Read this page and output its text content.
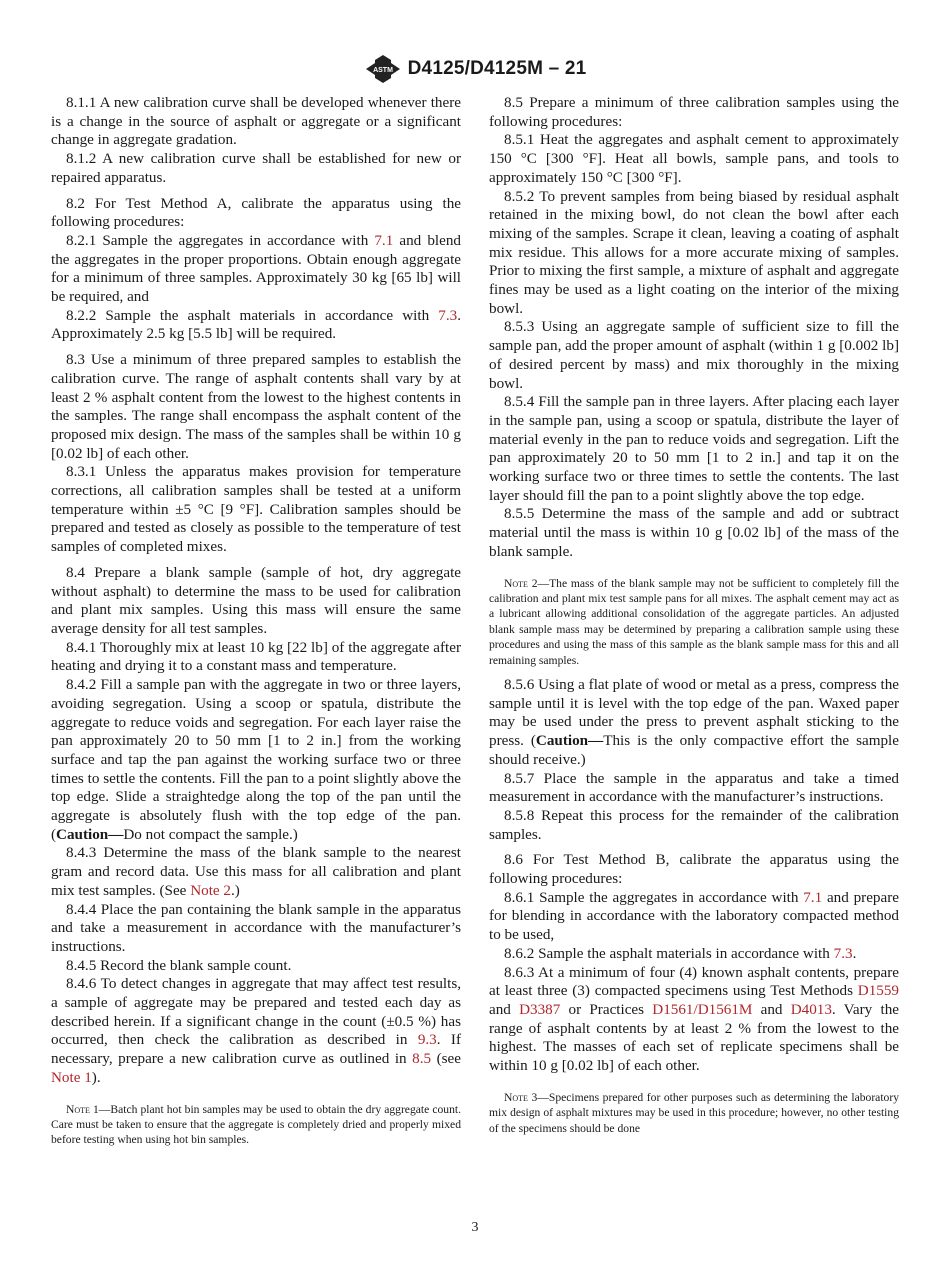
ASTM D4125/D4125M – 21

8.1.1 A new calibration curve shall be developed whenever there is a change in the source of asphalt or aggregate or a significant change in aggregate gradation.

8.1.2 A new calibration curve shall be established for new or repaired apparatus.

8.2 For Test Method A, calibrate the apparatus using the following procedures:

8.2.1 Sample the aggregates in accordance with 7.1 and blend the aggregates in the proper proportions. Obtain enough aggregate for a minimum of three samples. Approximately 30 kg [65 lb] will be required, and

8.2.2 Sample the asphalt materials in accordance with 7.3. Approximately 2.5 kg [5.5 lb] will be required.

8.3 Use a minimum of three prepared samples to establish the calibration curve. The range of asphalt contents shall vary by at least 2 % asphalt content from the lowest to the highest contents in the samples. The range shall encompass the asphalt content of the proposed mix design. The mass of the samples shall be within 10 g [0.02 lb] of each other.

8.3.1 Unless the apparatus makes provision for temperature corrections, all calibration samples shall be tested at a uniform temperature within ±5 °C [9 °F]. Calibration samples should be prepared and tested as closely as possible to the temperature of test samples of completed mixes.

8.4 Prepare a blank sample (sample of hot, dry aggregate without asphalt) to determine the mass to be used for calibration and plant mix samples. Using this mass will ensure the same average density for all test samples.

8.4.1 Thoroughly mix at least 10 kg [22 lb] of the aggregate after heating and drying it to a constant mass and temperature.

8.4.2 Fill a sample pan with the aggregate in two or three layers, avoiding segregation. Using a scoop or spatula, distribute the aggregate to reduce voids and segregation. For each layer raise the pan approximately 20 to 50 mm [1 to 2 in.] from the working surface and tap the pan against the working surface two or three times to settle the contents. Fill the pan to a point slightly above the top edge. Slide a straightedge along the top of the pan until the aggregate is absolutely flush with the top edge of the pan. (Caution—Do not compact the sample.)

8.4.3 Determine the mass of the blank sample to the nearest gram and record data. Use this mass for all calibration and plant mix test samples. (See Note 2.)

8.4.4 Place the pan containing the blank sample in the apparatus and take a measurement in accordance with the manufacturer’s instructions.

8.4.5 Record the blank sample count.

8.4.6 To detect changes in aggregate that may affect test results, a sample of aggregate may be prepared and tested each day as described herein. If a significant change in the count (±0.5 %) has occurred, then check the calibration as described in 9.3. If necessary, prepare a new calibration curve as outlined in 8.5 (see Note 1).

Note 1—Batch plant hot bin samples may be used to obtain the dry aggregate count. Care must be taken to ensure that the aggregate is completely dried and properly mixed before testing when using hot bin samples.

8.5 Prepare a minimum of three calibration samples using the following procedures:

8.5.1 Heat the aggregates and asphalt cement to approximately 150 °C [300 °F]. Heat all bowls, sample pans, and tools to approximately 150 °C [300 °F].

8.5.2 To prevent samples from being biased by residual asphalt retained in the mixing bowl, do not clean the bowl after each mixing of the samples. Scrape it clean, leaving a coating of asphalt mix residue. This allows for a more accurate mixing of samples. Prior to mixing the first sample, a mixture of asphalt and aggregate fines may be used as a light coating on the interior of the mixing bowl.

8.5.3 Using an aggregate sample of sufficient size to fill the sample pan, add the proper amount of asphalt (within 1 g [0.002 lb] of desired percent by mass) and mix thoroughly in the mixing bowl.

8.5.4 Fill the sample pan in three layers. After placing each layer in the sample pan, using a scoop or spatula, distribute the layer of material evenly in the pan to reduce voids and segregation. Lift the pan approximately 20 to 50 mm [1 to 2 in.] and tap it on the working surface two or three times to settle the contents. The last layer should fill the pan to a point slightly above the top edge.

8.5.5 Determine the mass of the sample and add or subtract material until the mass is within 10 g [0.02 lb] of the mass of the blank sample.

Note 2—The mass of the blank sample may not be sufficient to completely fill the calibration and plant mix test sample pans for all mixes. The asphalt cement may act as a lubricant allowing additional consolidation of the aggregate particles. An adjusted blank sample mass may be determined by preparing a calibration sample using these procedures and using the mass of this sample as the blank sample mass for this and all remaining samples.

8.5.6 Using a flat plate of wood or metal as a press, compress the sample until it is level with the top edge of the pan. Waxed paper may be used under the press to prevent asphalt sticking to the press. (Caution—This is the only compactive effort the sample should receive.)

8.5.7 Place the sample in the apparatus and take a timed measurement in accordance with the manufacturer’s instructions.

8.5.8 Repeat this process for the remainder of the calibration samples.

8.6 For Test Method B, calibrate the apparatus using the following procedures:

8.6.1 Sample the aggregates in accordance with 7.1 and prepare for blending in accordance with the laboratory compacted method to be used,

8.6.2 Sample the asphalt materials in accordance with 7.3.

8.6.3 At a minimum of four (4) known asphalt contents, prepare at least three (3) compacted specimens using Test Methods D1559 and D3387 or Practices D1561/D1561M and D4013. Vary the range of asphalt contents by at least 2 % from the lowest to the highest. The masses of each set of replicate specimens shall be within 10 g [0.02 lb] of each other.

Note 3—Specimens prepared for other purposes such as determining the laboratory mix design of asphalt mixtures may be used in this procedure; however, no other testing of the specimens should be done

3
